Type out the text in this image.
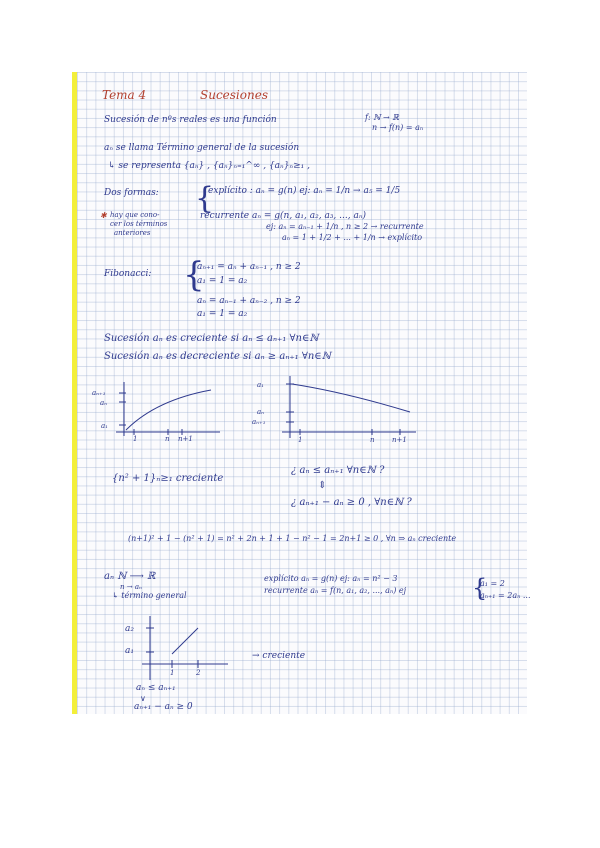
Tema 4	Sucesiones
Sucesión de nºs reales es una función	f: ℕ → ℝ
n → f(n) = aₙ
aₙ se llama Término general de la sucesión
↳ se representa {aₙ} , {aₙ}ₙ₌₁^∞ , {aₙ}ₙ≥₁ ,
Dos formas: {
explícito : aₙ = g(n) ej: aₙ = 1/n → a₅ = 1/5
✱ hay que cono-
cer los términos
anteriores
recurrente aₙ = g(n, a₁, a₂, a₃, ..., aₙ)
ej: aₙ = aₙ₋₁ + 1/n , n ≥ 2 → recurrente
aₙ = 1 + 1/2 + ... + 1/n → explícito
Fibonacci: {
aₙ₊₁ = aₙ + aₙ₋₁ , n ≥ 2
a₁ = 1 = a₂
aₙ = aₙ₋₁ + aₙ₋₂ , n ≥ 2
a₁ = 1 = a₂
Sucesión aₙ es creciente si aₙ ≤ aₙ₊₁ ∀n∈ℕ
Sucesión aₙ es decreciente si aₙ ≥ aₙ₊₁ ∀n∈ℕ
aₙ₊₁
aₙ
a₁
1	n n+1
a₁
aₙ
aₙ₊₁
1	n n+1
{n² + 1}ₙ≥₁ creciente
¿ aₙ ≤ aₙ₊₁ ∀n∈ℕ ?
⇕
¿ aₙ₊₁ − aₙ ≥ 0 , ∀n∈ℕ ?
(n+1)² + 1 − (n² + 1) = n² + 2n + 1 + 1 − n² − 1 = 2n+1 ≥ 0 , ∀n ⇒ aₙ creciente
aₙ ℕ ⟶ ℝ
n → aₙ
↳ término general
explícito aₙ = g(n) ej: aₙ = n² − 3
recurrente aₙ = f(n, a₁, a₂, ..., aₙ) ej	{
a₁ = 2
aₙ₊₁ = 2aₙ ...
a₂
a₁
1	2
→ creciente
aₙ ≤ aₙ₊₁
∨
aₙ₊₁ − aₙ ≥ 0
